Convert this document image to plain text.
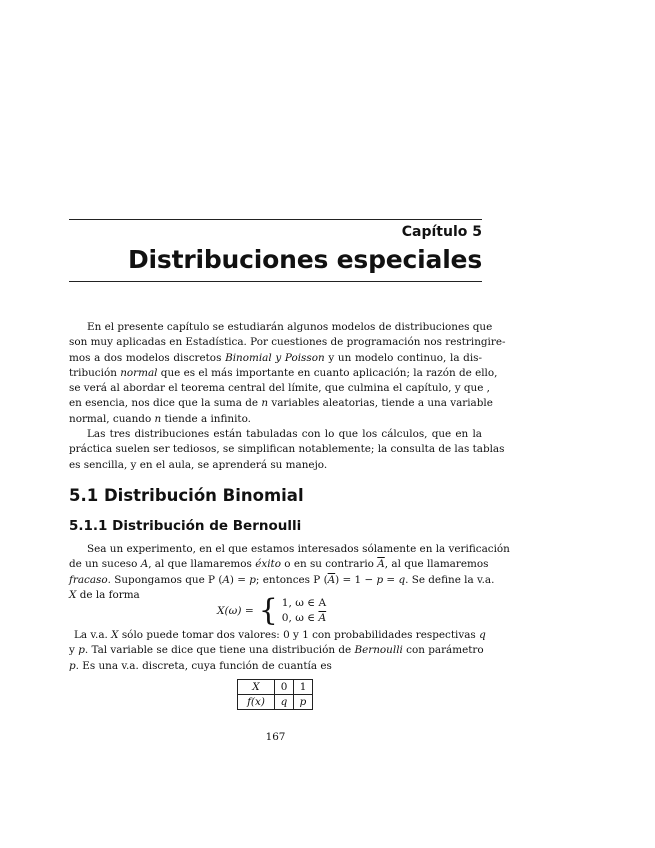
Capítulo 5
Distribuciones especiales
En el presente capítulo se estudiarán algunos modelos de distribuciones que
son muy aplicadas en Estadística. Por cuestiones de programación nos restringire-
mos a dos modelos discretos Binomial y Poisson y un modelo continuo, la dis-
tribución normal que es el más importante en cuanto aplicación; la razón de ello,
se verá al abordar el teorema central del límite, que culmina el capítulo, y que ,
en esencia, nos dice que la suma de n variables aleatorias, tiende a una variable
normal, cuando n tiende a infinito.
Las tres distribuciones están tabuladas con lo que los cálculos, que en la
práctica suelen ser tediosos, se simplifican notablemente; la consulta de las tablas
es sencilla, y en el aula, se aprenderá su manejo.
5.1 Distribución Binomial
5.1.1 Distribución de Bernoulli
Sea un experimento, en el que estamos interesados sólamente en la verificación
de un suceso A, al que llamaremos éxito o en su contrario $\overline{A}$, al que llamaremos
fracaso. Supongamos que P (A) = p; entonces P $(\overline{A}) = 1 - p = q$. Se define la v.a.
X de la forma
X(ω) = { 1, ω ∈ A
0, ω ∈ $\overline{A}$
La v.a. X sólo puede tomar dos valores: 0 y 1 con probabilidades respectivas q
y p. Tal variable se dice que tiene una distribución de Bernoulli con parámetro
p. Es una v.a. discreta, cuya función de cuantía es
X	0	1
f(x)	q	p
167
